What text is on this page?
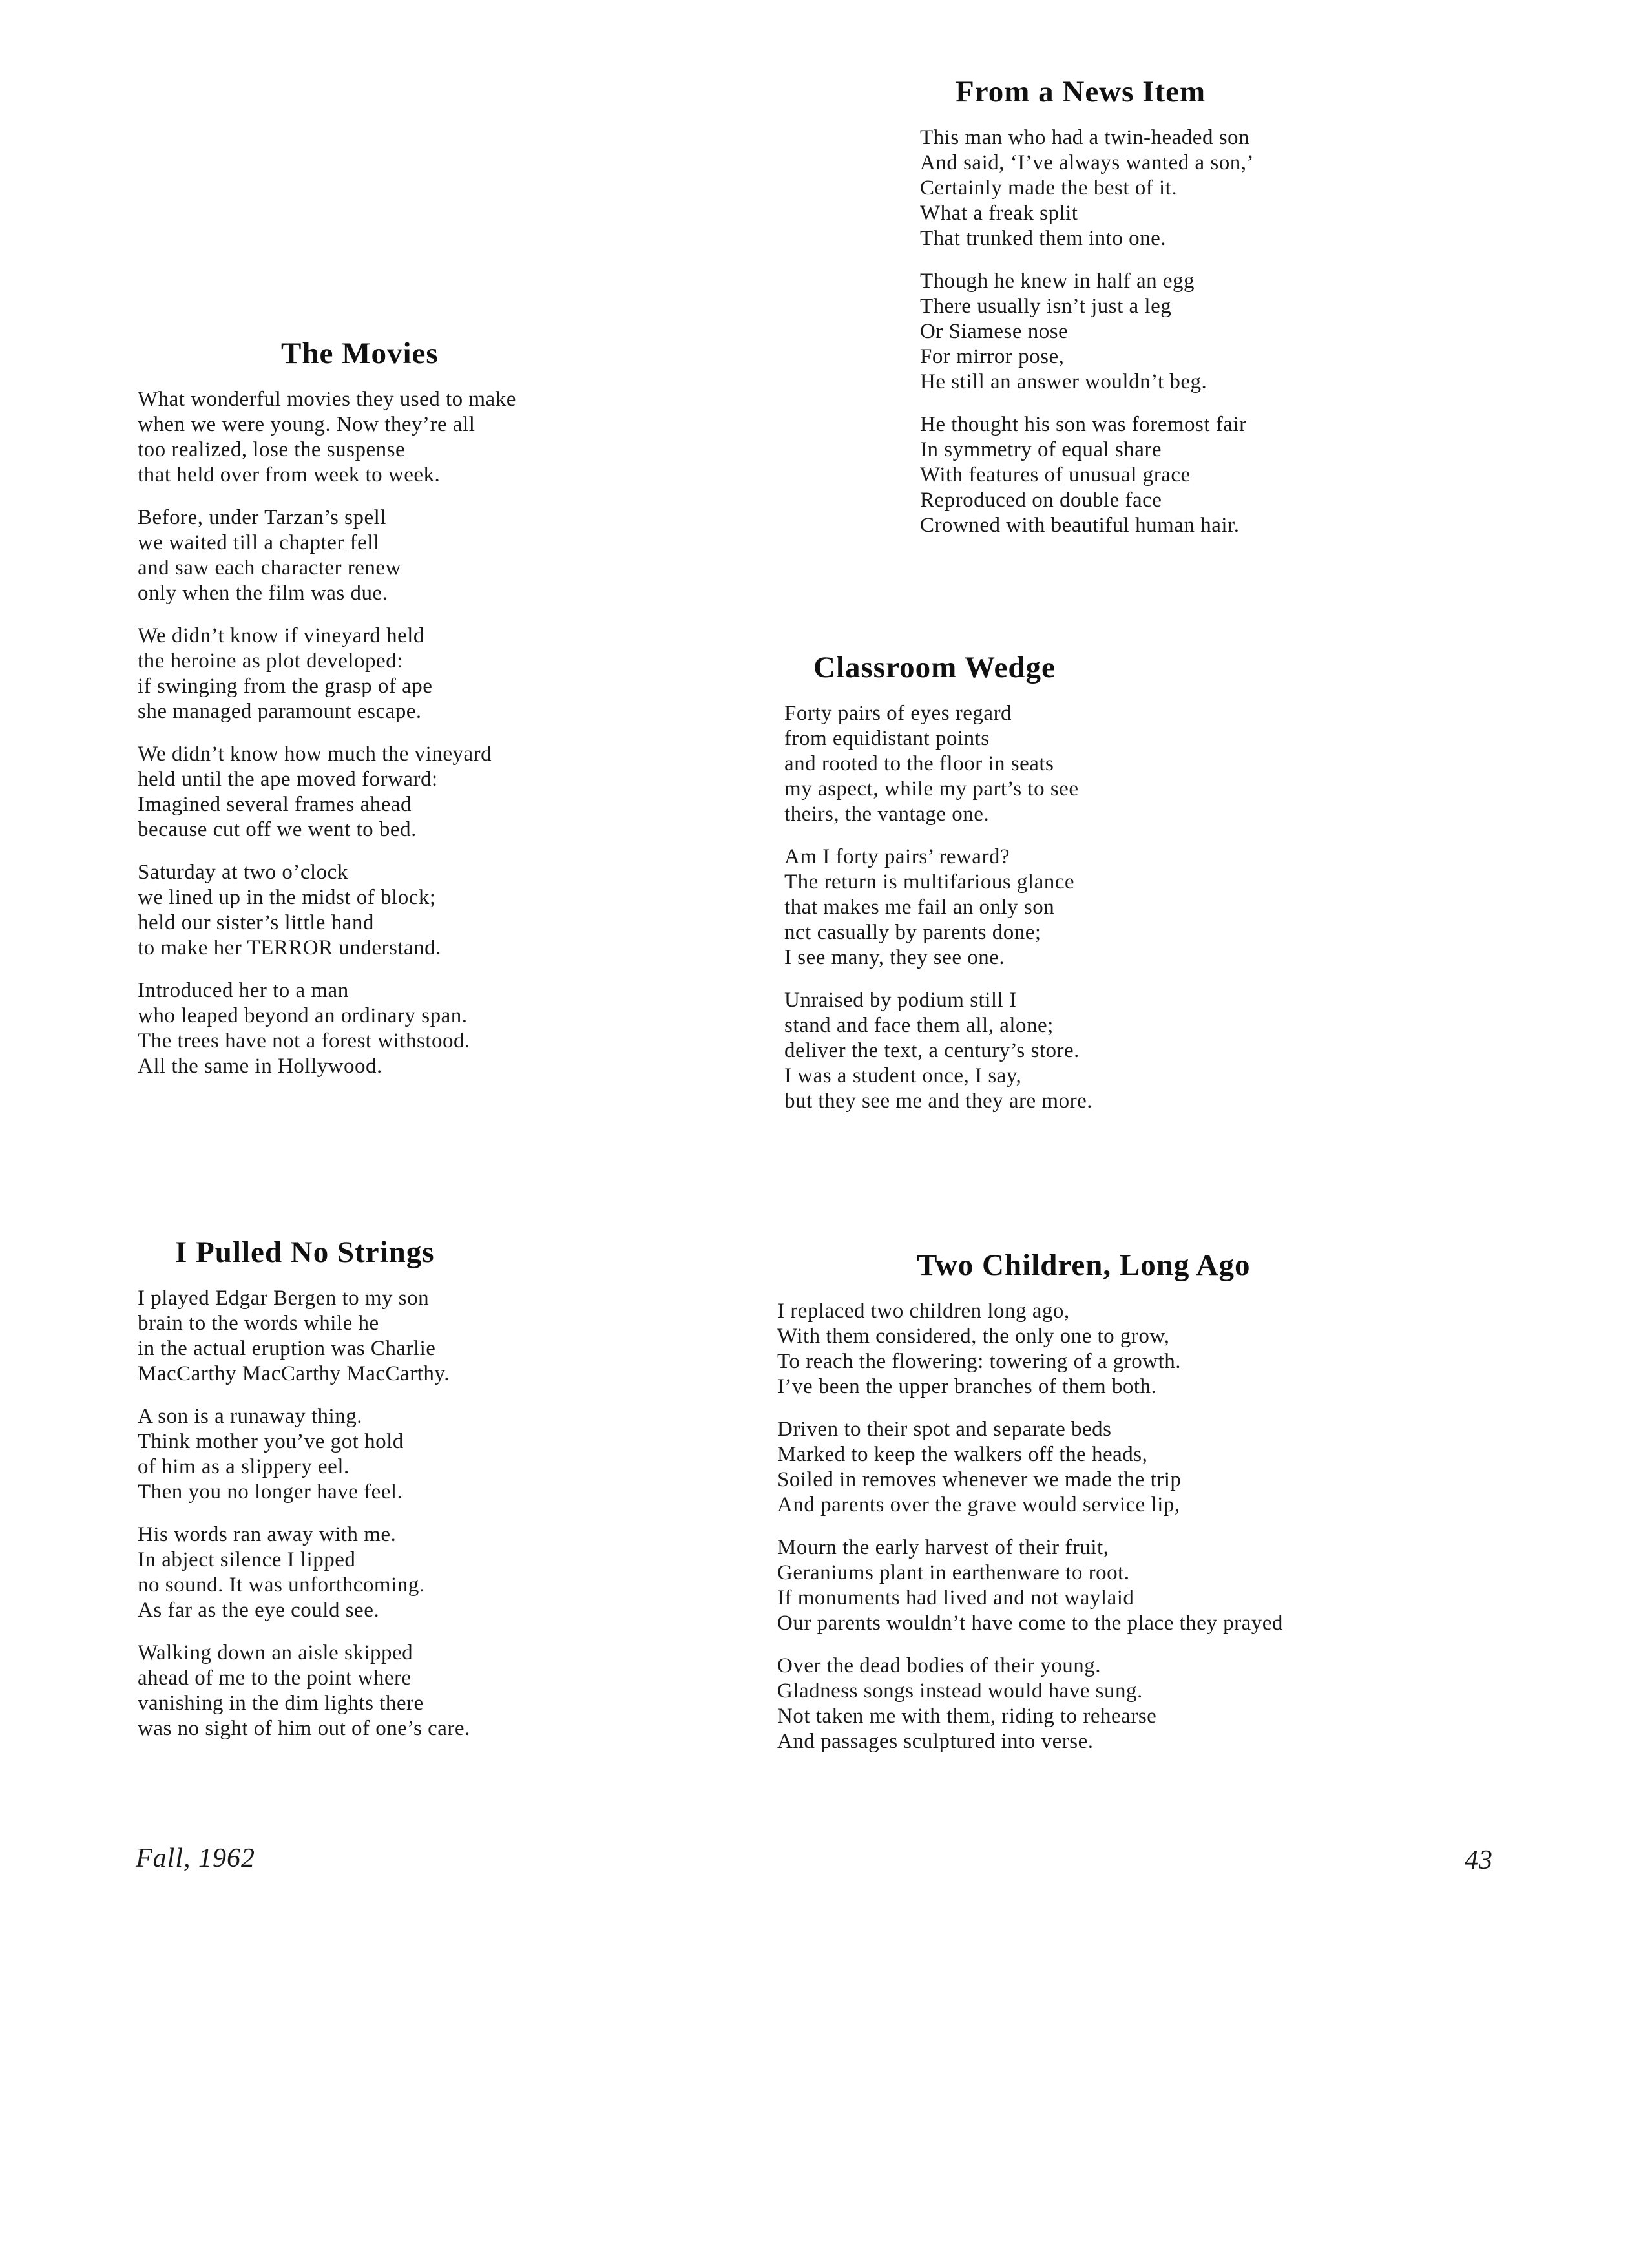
From a News Item
This man who had a twin-headed son
And said, ‘I’ve always wanted a son,’
Certainly made the best of it.
What a freak split
That trunked them into one.
Though he knew in half an egg
There usually isn’t just a leg
Or Siamese nose
For mirror pose,
He still an answer wouldn’t beg.
He thought his son was foremost fair
In symmetry of equal share
With features of unusual grace
Reproduced on double face
Crowned with beautiful human hair.
The Movies
What wonderful movies they used to make
when we were young. Now they’re all
too realized, lose the suspense
that held over from week to week.
Before, under Tarzan’s spell
we waited till a chapter fell
and saw each character renew
only when the film was due.
We didn’t know if vineyard held
the heroine as plot developed:
if swinging from the grasp of ape
she managed paramount escape.
We didn’t know how much the vineyard
held until the ape moved forward:
Imagined several frames ahead
because cut off we went to bed.
Saturday at two o’clock
we lined up in the midst of block;
held our sister’s little hand
to make her TERROR understand.
Introduced her to a man
who leaped beyond an ordinary span.
The trees have not a forest withstood.
All the same in Hollywood.
Classroom Wedge
Forty pairs of eyes regard
from equidistant points
and rooted to the floor in seats
my aspect, while my part’s to see
theirs, the vantage one.
Am I forty pairs’ reward?
The return is multifarious glance
that makes me fail an only son
nct casually by parents done;
I see many, they see one.
Unraised by podium still I
stand and face them all, alone;
deliver the text, a century’s store.
I was a student once, I say,
but they see me and they are more.
I Pulled No Strings
I played Edgar Bergen to my son
brain to the words while he
in the actual eruption was Charlie
MacCarthy MacCarthy MacCarthy.
A son is a runaway thing.
Think mother you’ve got hold
of him as a slippery eel.
Then you no longer have feel.
His words ran away with me.
In abject silence I lipped
no sound. It was unforthcoming.
As far as the eye could see.
Walking down an aisle skipped
ahead of me to the point where
vanishing in the dim lights there
was no sight of him out of one’s care.
Two Children, Long Ago
I replaced two children long ago,
With them considered, the only one to grow,
To reach the flowering: towering of a growth.
I’ve been the upper branches of them both.
Driven to their spot and separate beds
Marked to keep the walkers off the heads,
Soiled in removes whenever we made the trip
And parents over the grave would service lip,
Mourn the early harvest of their fruit,
Geraniums plant in earthenware to root.
If monuments had lived and not waylaid
Our parents wouldn’t have come to the place they prayed
Over the dead bodies of their young.
Gladness songs instead would have sung.
Not taken me with them, riding to rehearse
And passages sculptured into verse.
Fall, 1962	43
